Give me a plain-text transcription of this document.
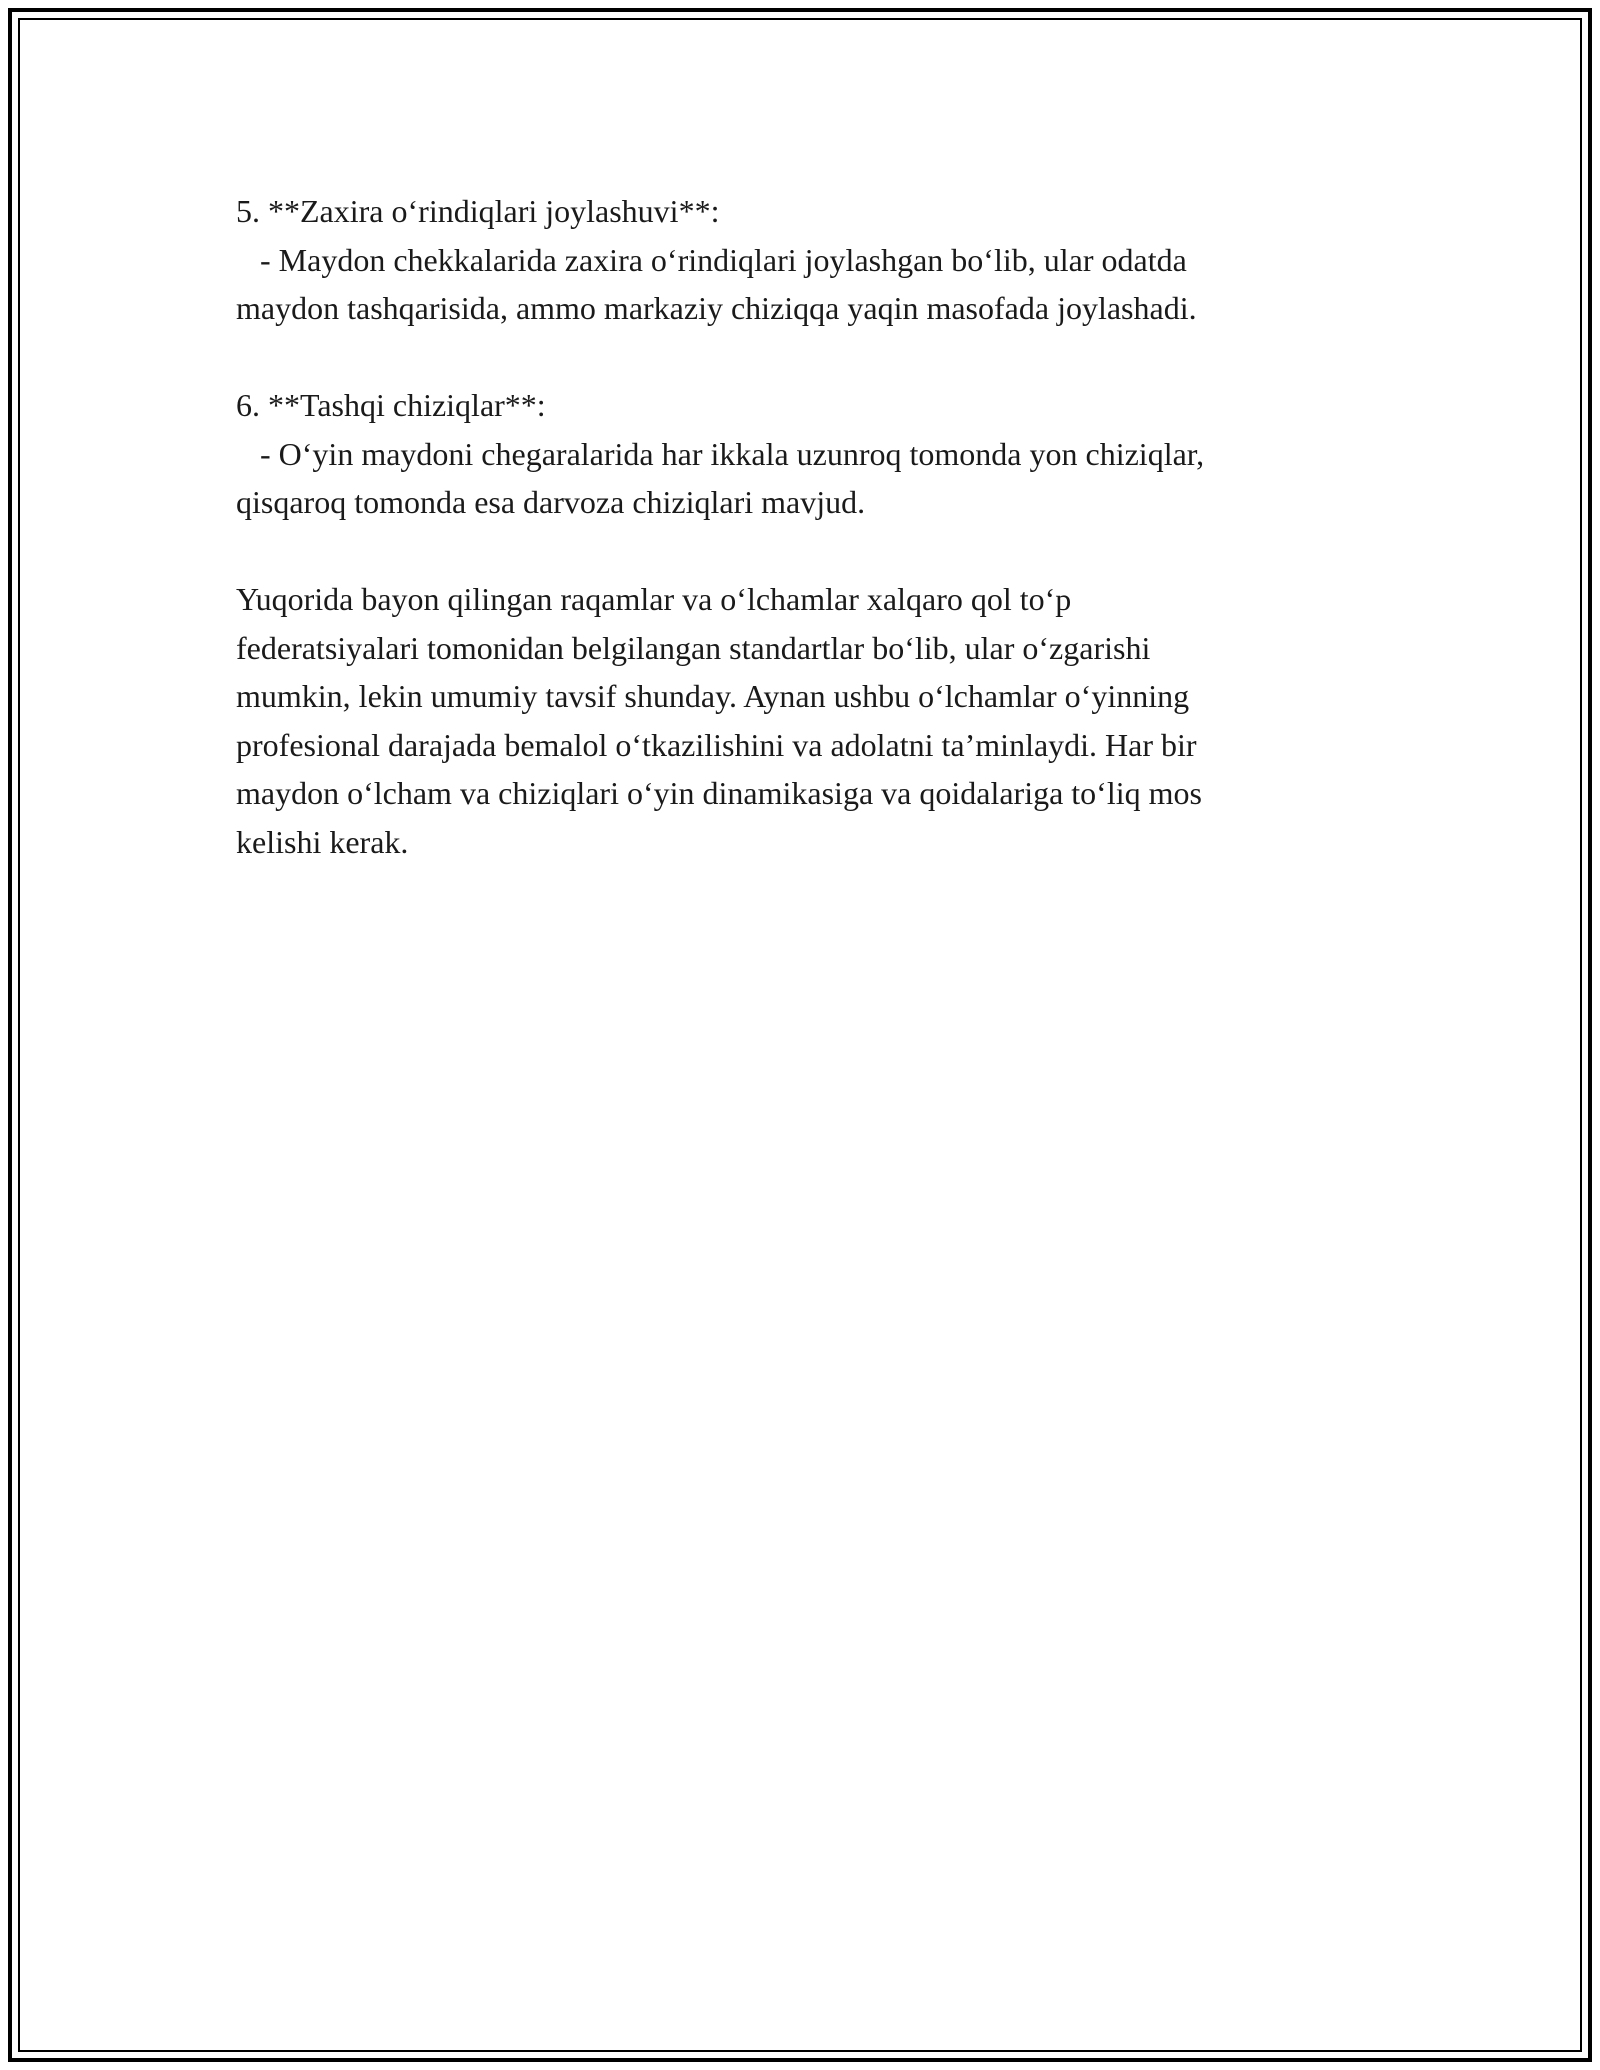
5. **Zaxira o‘rindiqlari joylashuvi**:
- Maydon chekkalarida zaxira o‘rindiqlari joylashgan bo‘lib, ular odatda
maydon tashqarisida, ammo markaziy chiziqqa yaqin masofada joylashadi.
6. **Tashqi chiziqlar**:
- O‘yin maydoni chegaralarida har ikkala uzunroq tomonda yon chiziqlar,
qisqaroq tomonda esa darvoza chiziqlari mavjud.
Yuqorida bayon qilingan raqamlar va o‘lchamlar xalqaro qol to‘p
federatsiyalari tomonidan belgilangan standartlar bo‘lib, ular o‘zgarishi
mumkin, lekin umumiy tavsif shunday. Aynan ushbu o‘lchamlar o‘yinning
profesional darajada bemalol o‘tkazilishini va adolatni ta’minlaydi. Har bir
maydon o‘lcham va chiziqlari o‘yin dinamikasiga va qoidalariga to‘liq mos
kelishi kerak.
